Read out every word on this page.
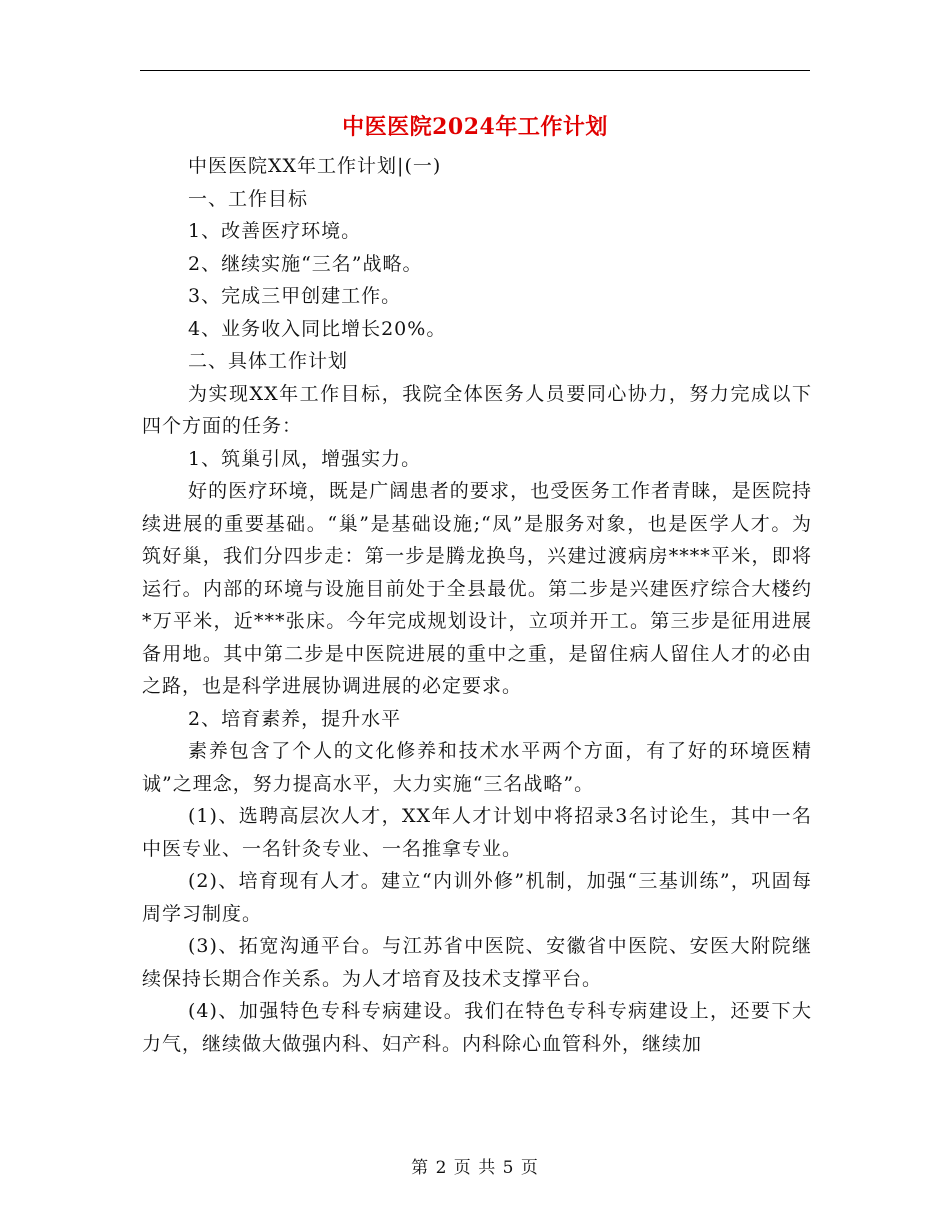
中医医院2024年工作计划

中医医院XX年工作计划|(一)

一、工作目标

1、改善医疗环境。

2、继续实施“三名”战略。

3、完成三甲创建工作。

4、业务收入同比增长20%。

二、具体工作计划

为实现XX年工作目标，我院全体医务人员要同心协力，努力完成以下四个方面的任务：

1、筑巢引凤，增强实力。

好的医疗环境，既是广阔患者的要求，也受医务工作者青睐，是医院持续进展的重要基础。“巢”是基础设施;“凤”是服务对象，也是医学人才。为筑好巢，我们分四步走：第一步是腾龙换鸟，兴建过渡病房****平米，即将运行。内部的环境与设施目前处于全县最优。第二步是兴建医疗综合大楼约*万平米，近***张床。今年完成规划设计，立项并开工。第三步是征用进展备用地。其中第二步是中医院进展的重中之重，是留住病人留住人才的必由之路，也是科学进展协调进展的必定要求。

2、培育素养，提升水平

素养包含了个人的文化修养和技术水平两个方面，有了好的环境医精诚”之理念，努力提高水平，大力实施“三名战略”。

(1)、选聘高层次人才，XX年人才计划中将招录3名讨论生，其中一名中医专业、一名针灸专业、一名推拿专业。

(2)、培育现有人才。建立“内训外修”机制，加强“三基训练”，巩固每周学习制度。

(3)、拓宽沟通平台。与江苏省中医院、安徽省中医院、安医大附院继续保持长期合作关系。为人才培育及技术支撑平台。

(4)、加强特色专科专病建设。我们在特色专科专病建设上，还要下大力气，继续做大做强内科、妇产科。内科除心血管科外，继续加

第 2 页 共 5 页
